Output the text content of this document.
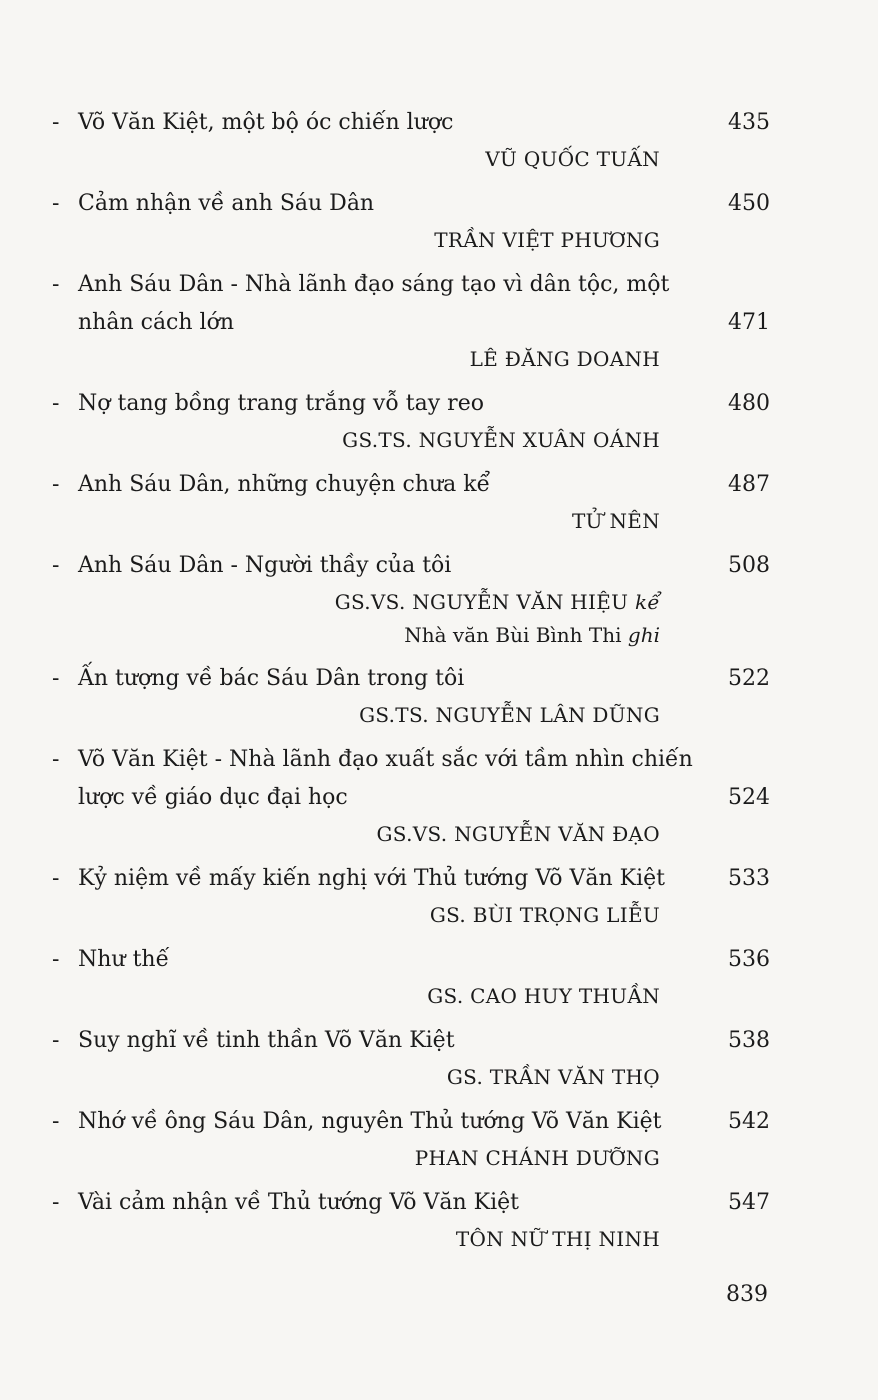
- Võ Văn Kiệt, một bộ óc chiến lược	435
VŨ QUỐC TUẤN
- Cảm nhận về anh Sáu Dân	450
TRẦN VIỆT PHƯƠNG
- Anh Sáu Dân - Nhà lãnh đạo sáng tạo vì dân tộc, một
nhân cách lớn	471
LÊ ĐĂNG DOANH
- Nợ tang bồng trang trắng vỗ tay reo	480
GS.TS. NGUYỄN XUÂN OÁNH
- Anh Sáu Dân, những chuyện chưa kể	487
TỬ NÊN
- Anh Sáu Dân - Người thầy của tôi	508
GS.VS. NGUYỄN VĂN HIỆU kể
Nhà văn Bùi Bình Thi ghi
- Ấn tượng về bác Sáu Dân trong tôi	522
GS.TS. NGUYỄN LÂN DŨNG
- Võ Văn Kiệt - Nhà lãnh đạo xuất sắc với tầm nhìn chiến
lược về giáo dục đại học	524
GS.VS. NGUYỄN VĂN ĐẠO
- Kỷ niệm về mấy kiến nghị với Thủ tướng Võ Văn Kiệt	533
GS. BÙI TRỌNG LIỄU
- Như thế	536
GS. CAO HUY THUẦN
- Suy nghĩ về tinh thần Võ Văn Kiệt	538
GS. TRẦN VĂN THỌ
- Nhớ về ông Sáu Dân, nguyên Thủ tướng Võ Văn Kiệt	542
PHAN CHÁNH DƯỠNG
- Vài cảm nhận về Thủ tướng Võ Văn Kiệt	547
TÔN NỮ THỊ NINH
839
